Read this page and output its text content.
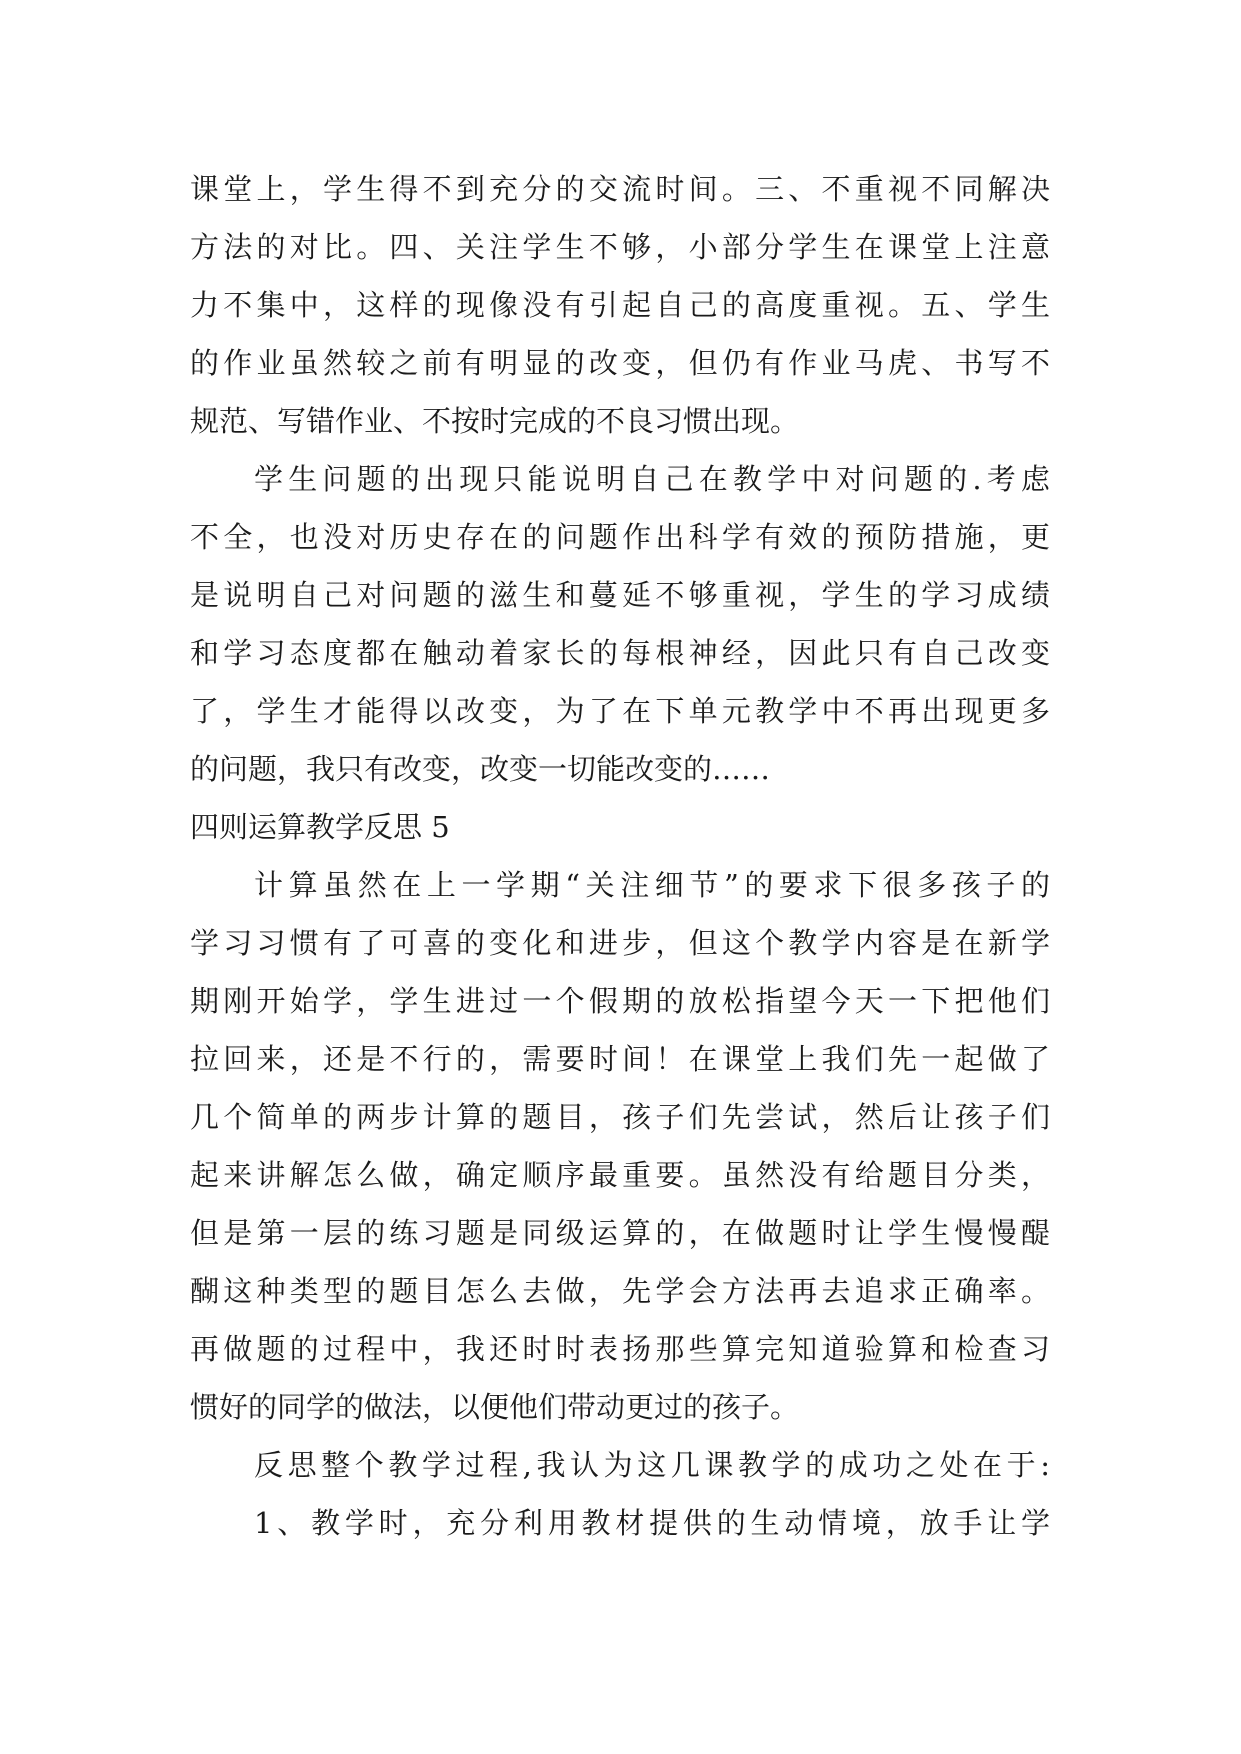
课堂上，学生得不到充分的交流时间。三、不重视不同解决
方法的对比。四、关注学生不够，小部分学生在课堂上注意
力不集中，这样的现像没有引起自己的高度重视。五、学生
的作业虽然较之前有明显的改变，但仍有作业马虎、书写不
规范、写错作业、不按时完成的不良习惯出现。
学生问题的出现只能说明自己在教学中对问题的.考虑
不全，也没对历史存在的问题作出科学有效的预防措施，更
是说明自己对问题的滋生和蔓延不够重视，学生的学习成绩
和学习态度都在触动着家长的每根神经，因此只有自己改变
了，学生才能得以改变，为了在下单元教学中不再出现更多
的问题，我只有改变，改变一切能改变的……
四则运算教学反思 5
计算虽然在上一学期“关注细节”的要求下很多孩子的
学习习惯有了可喜的变化和进步，但这个教学内容是在新学
期刚开始学，学生进过一个假期的放松指望今天一下把他们
拉回来，还是不行的，需要时间！在课堂上我们先一起做了
几个简单的两步计算的题目，孩子们先尝试，然后让孩子们
起来讲解怎么做，确定顺序最重要。虽然没有给题目分类，
但是第一层的练习题是同级运算的，在做题时让学生慢慢醍
醐这种类型的题目怎么去做，先学会方法再去追求正确率。
再做题的过程中，我还时时表扬那些算完知道验算和检查习
惯好的同学的做法，以便他们带动更过的孩子。
反思整个教学过程,我认为这几课教学的成功之处在于:
1、教学时，充分利用教材提供的生动情境，放手让学
